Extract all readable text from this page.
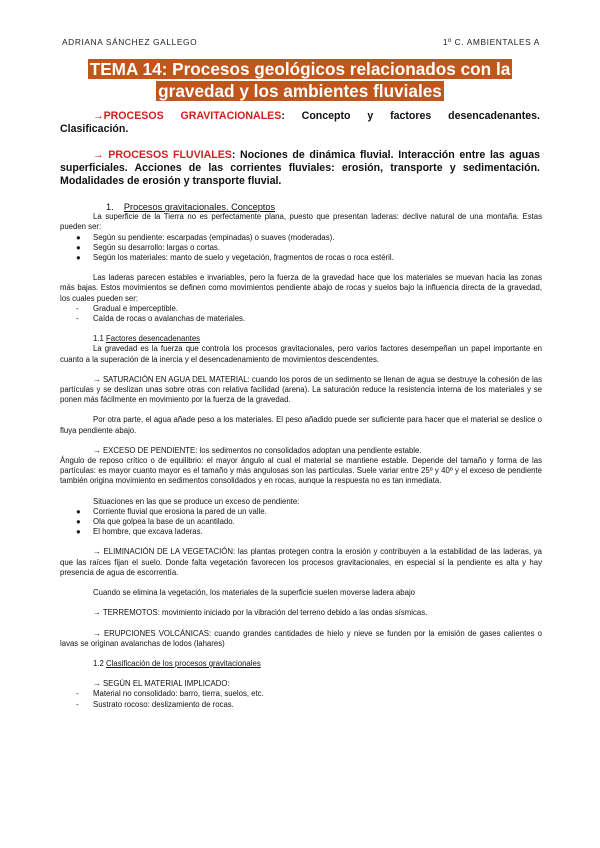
ADRIANA SÁNCHEZ GALLEGO	1º C. AMBIENTALES A
TEMA 14: Procesos geológicos relacionados con la
gravedad y los ambientes fluviales
→PROCESOS GRAVITACIONALES: Concepto y factores desencadenantes. Clasificación.
→ PROCESOS FLUVIALES: Nociones de dinámica fluvial. Interacción entre las aguas superficiales. Acciones de las corrientes fluviales: erosión, transporte y sedimentación. Modalidades de erosión y transporte fluvial.

1. Procesos gravitacionales. Conceptos

La superficie de la Tierra no es perfectamente plana, puesto que presentan laderas: declive natural de una montaña. Estas pueden ser:

● Según su pendiente: escarpadas (empinadas) o suaves (moderadas).
● Según su desarrollo: largas o cortas.
● Según los materiales: manto de suelo y vegetación, fragmentos de rocas o roca estéril.

Las laderas parecen estables e invariables, pero la fuerza de la gravedad hace que los materiales se muevan hacia las zonas más bajas. Estos movimientos se definen como movimientos pendiente abajo de rocas y suelos bajo la influencia directa de la gravedad, los cuales pueden ser:

- Gradual e imperceptible.
- Caída de rocas o avalanchas de materiales.

1.1 Factores desencadenantes

La gravedad es la fuerza que controla los procesos gravitacionales, pero varios factores desempeñan un papel importante en cuanto a la superación de la inercia y el desencadenamiento de movimientos descendentes.

→ SATURACIÓN EN AGUA DEL MATERIAL: cuando los poros de un sedimento se llenan de agua se destruye la cohesión de las partículas y se deslizan unas sobre otras con relativa facilidad (arena). La saturación reduce la resistencia interna de los materiales y se ponen más fácilmente en movimiento por la fuerza de la gravedad.

Por otra parte, el agua añade peso a los materiales. El peso añadido puede ser suficiente para hacer que el material se deslice o fluya pendiente abajo.

→ EXCESO DE PENDIENTE: los sedimentos no consolidados adoptan una pendiente estable.

Ángulo de reposo crítico o de equilibrio: el mayor ángulo al cual el material se mantiene estable. Depende del tamaño y forma de las partículas: es mayor cuanto mayor es el tamaño y más angulosas son las partículas. Suele variar entre 25º y 40º y el exceso de pendiente también origina movimiento en sedimentos consolidados y en rocas, aunque la respuesta no es tan inmediata.

Situaciones en las que se produce un exceso de pendiente:

● Corriente fluvial que erosiona la pared de un valle.
● Ola que golpea la base de un acantilado.
● El hombre, que excava laderas.

→ ELIMINACIÓN DE LA VEGETACIÓN: las plantas protegen contra la erosión y contribuyen a la estabilidad de las laderas, ya que las raíces fijan el suelo. Donde falta vegetación favorecen los procesos gravitacionales, en especial si la pendiente es alta y hay presencia de agua de escorrentía.

Cuando se elimina la vegetación, los materiales de la superficie suelen moverse ladera abajo

→ TERREMOTOS: movimiento iniciado por la vibración del terreno debido a las ondas sísmicas.

→ ERUPCIONES VOLCÁNICAS: cuando grandes cantidades de hielo y nieve se funden por la emisión de gases calientes o lavas se originan avalanchas de lodos (lahares)

1.2 Clasificación de los procesos gravitacionales

→ SEGÚN EL MATERIAL IMPLICADO:

- Material no consolidado: barro, tierra, suelos, etc.
- Sustrato rocoso: deslizamiento de rocas.
